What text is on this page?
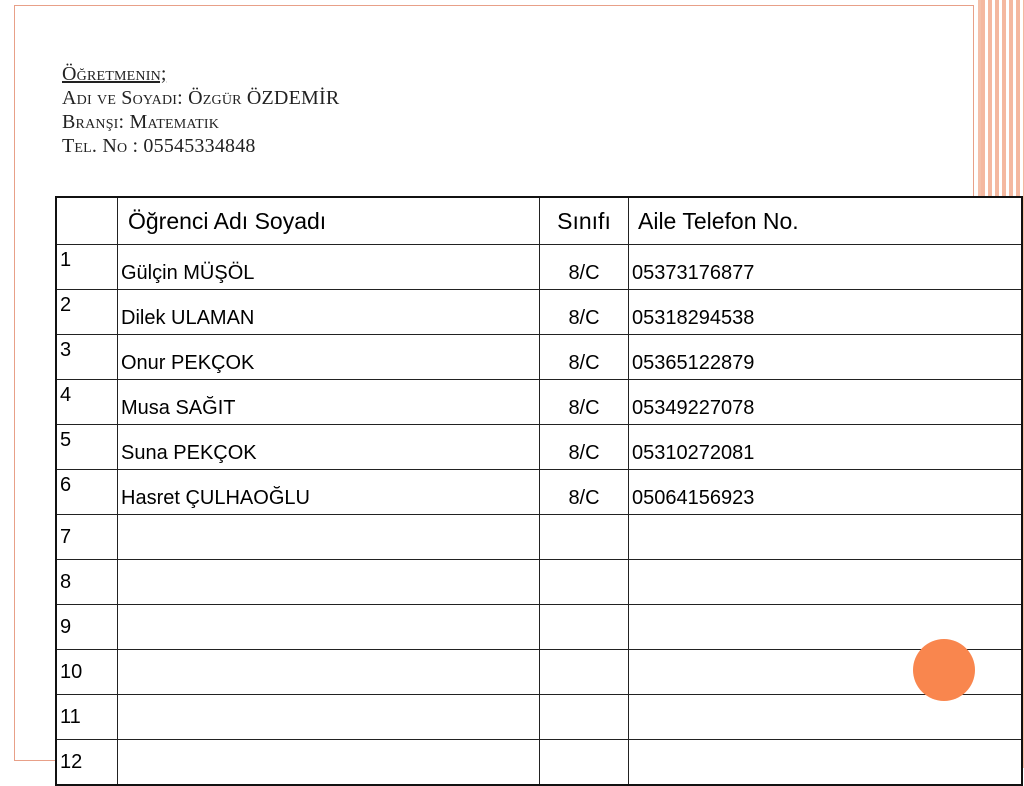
Öğretmenin;
Adı ve Soyadı: Özgür ÖZDEMİR
Branşı: Matematik
Tel. No : 05545334848
	Öğrenci Adı Soyadı	Sınıfı	Aile Telefon No.
1	Gülçin MÜŞÖL	8/C	05373176877
2	Dilek ULAMAN	8/C	05318294538
3	Onur PEKÇOK	8/C	05365122879
4	Musa SAĞIT	8/C	05349227078
5	Suna PEKÇOK	8/C	05310272081
6	Hasret ÇULHAOĞLU	8/C	05064156923
7			
8			
9			
10			
11			
12			
